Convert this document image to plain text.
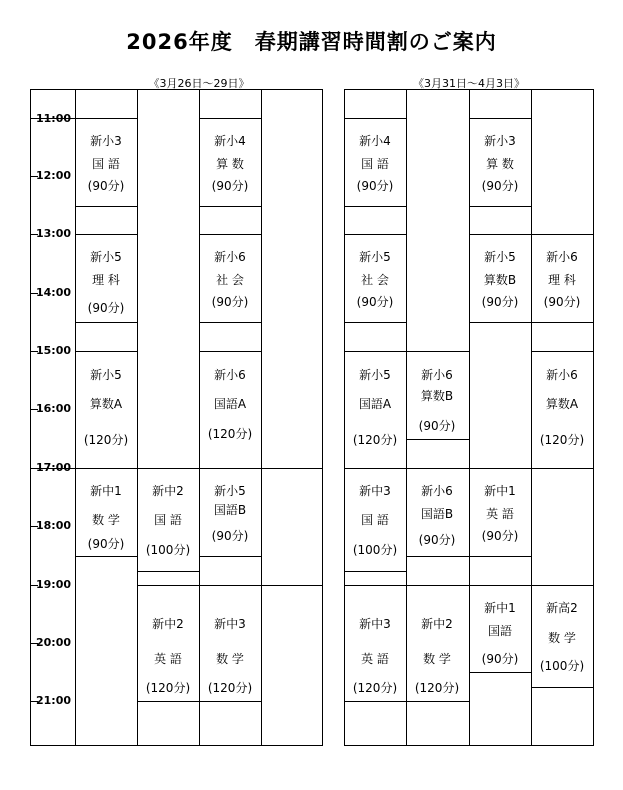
2026年度　春期講習時間割のご案内
《3月26日～29日》	《3月31日～4月3日》
11:00
12:00
13:00
14:00
15:00
16:00
17:00
18:00
19:00
20:00
21:00
新小3
国 語
(90分)
新小4
算 数
(90分)
新小5
理 科
(90分)
新小6
社 会
(90分)
新小5
算数A
(120分)
新小6
国語A
(120分)
新中1
数 学
(90分)
新中2
国 語
(100分)
新小5
国語B
(90分)
新中2
英 語
(120分)
新中3
数 学
(120分)
新小4
国 語
(90分)
新小3
算 数
(90分)
新小5
社 会
(90分)
新小5
算数B
(90分)
新小6
理 科
(90分)
新小5
国語A
(120分)
新小6
算数B
(90分)
新小6
算数A
(120分)
新中3
国 語
(100分)
新小6
国語B
(90分)
新中1
英 語
(90分)
新中3
英 語
(120分)
新中2
数 学
(120分)
新中1
国語
(90分)
新高2
数 学
(100分)
